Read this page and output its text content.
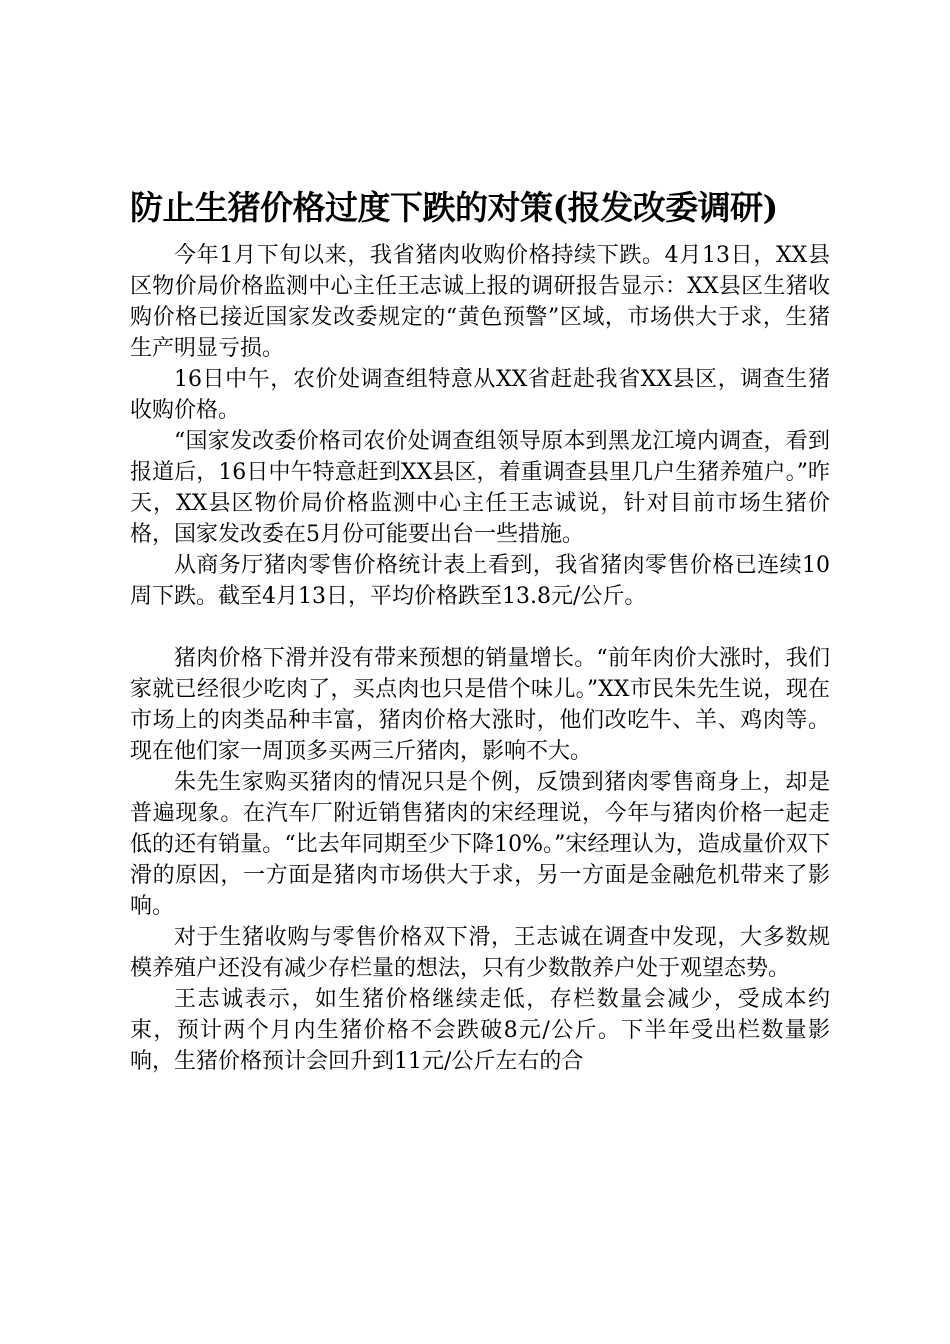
防止生猪价格过度下跌的对策(报发改委调研)

今年1月下旬以来，我省猪肉收购价格持续下跌。4月13日，XX县区物价局价格监测中心主任王志诚上报的调研报告显示：XX县区生猪收购价格已接近国家发改委规定的“黄色预警”区域，市场供大于求，生猪生产明显亏损。

16日中午，农价处调查组特意从XX省赶赴我省XX县区，调查生猪收购价格。

“国家发改委价格司农价处调查组领导原本到黑龙江境内调查，看到报道后，16日中午特意赶到XX县区，着重调查县里几户生猪养殖户。”昨天，XX县区物价局价格监测中心主任王志诚说，针对目前市场生猪价格，国家发改委在5月份可能要出台一些措施。

从商务厅猪肉零售价格统计表上看到，我省猪肉零售价格已连续10周下跌。截至4月13日，平均价格跌至13.8元/公斤。

猪肉价格下滑并没有带来预想的销量增长。“前年肉价大涨时，我们家就已经很少吃肉了，买点肉也只是借个味儿。”XX市民朱先生说，现在市场上的肉类品种丰富，猪肉价格大涨时，他们改吃牛、羊、鸡肉等。现在他们家一周顶多买两三斤猪肉，影响不大。

朱先生家购买猪肉的情况只是个例，反馈到猪肉零售商身上，却是普遍现象。在汽车厂附近销售猪肉的宋经理说，今年与猪肉价格一起走低的还有销量。“比去年同期至少下降10%。”宋经理认为，造成量价双下滑的原因，一方面是猪肉市场供大于求，另一方面是金融危机带来了影响。

对于生猪收购与零售价格双下滑，王志诚在调查中发现，大多数规模养殖户还没有减少存栏量的想法，只有少数散养户处于观望态势。

王志诚表示，如生猪价格继续走低，存栏数量会减少，受成本约束，预计两个月内生猪价格不会跌破8元/公斤。下半年受出栏数量影响，生猪价格预计会回升到11元/公斤左右的合
